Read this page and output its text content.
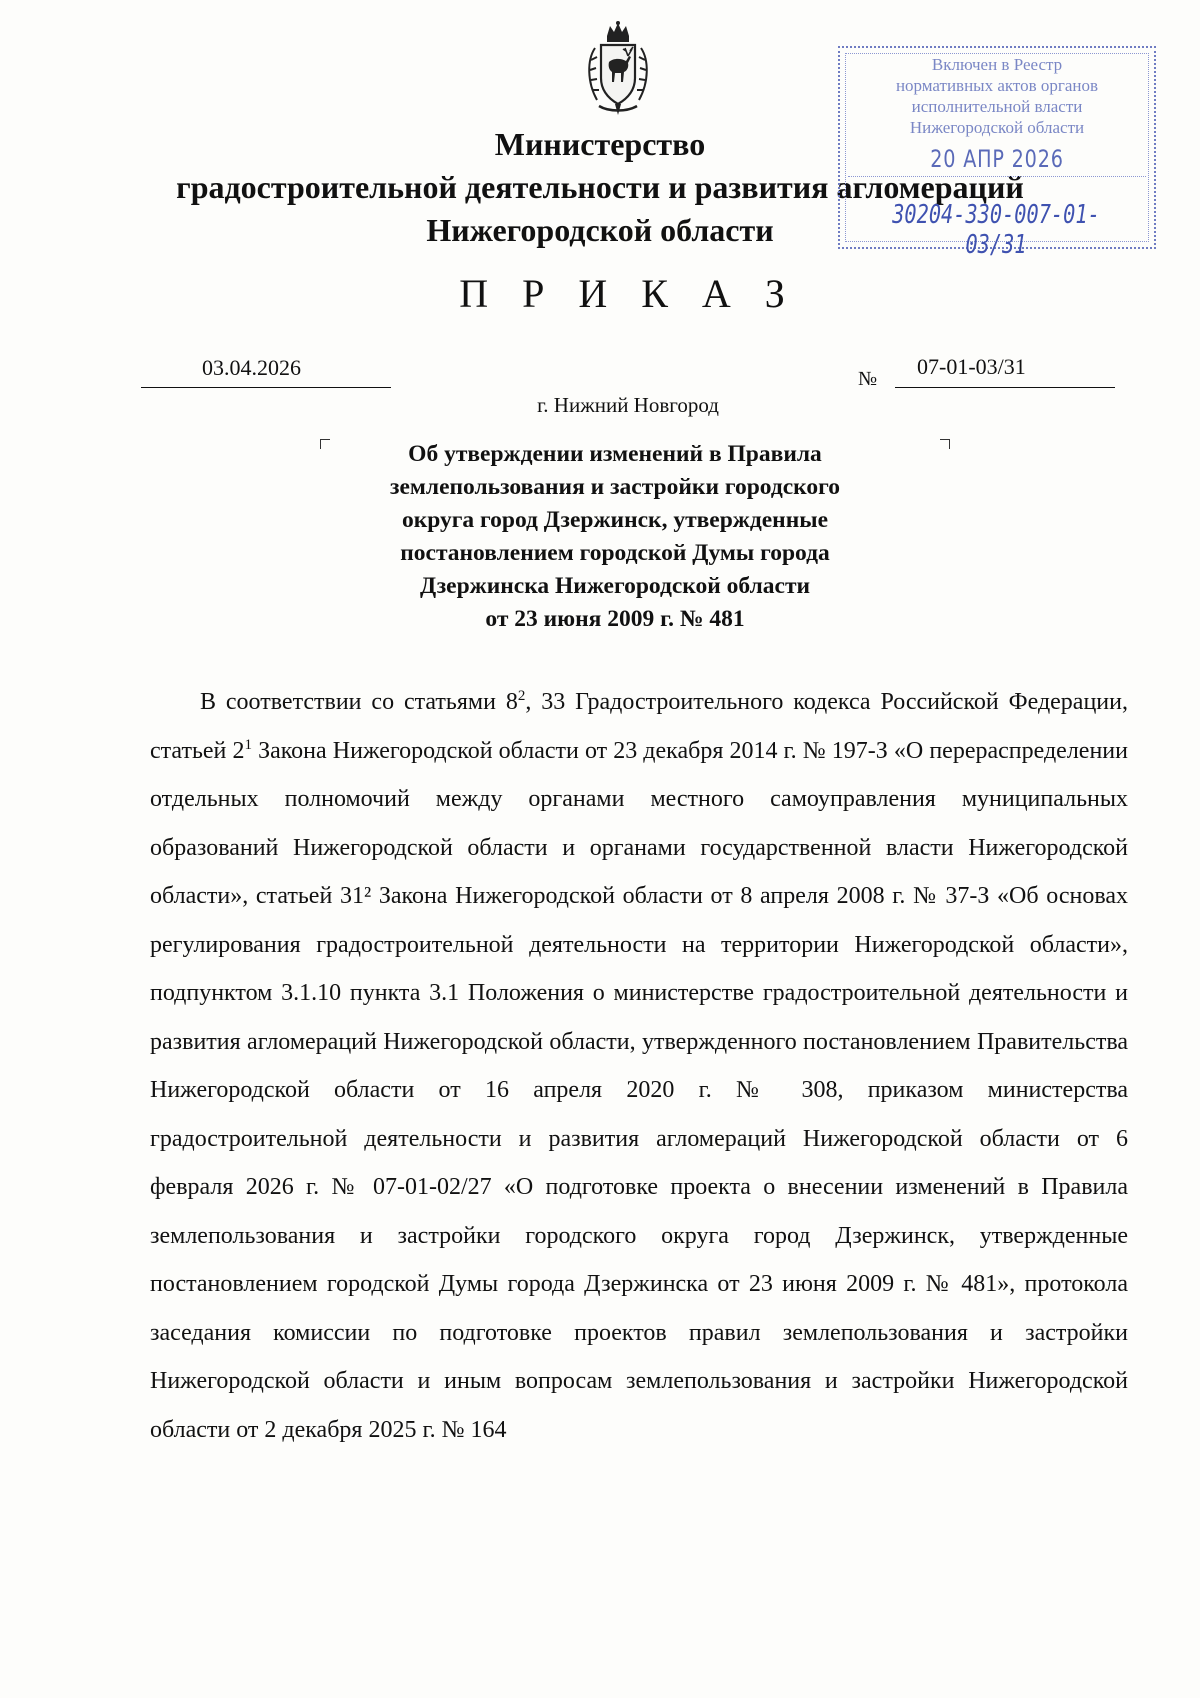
Министерство
градостроительной деятельности и развития агломераций
Нижегородской области
П Р И К А З
03.04.2026	№ 07-01-03/31
г. Нижний Новгород
Об утверждении изменений в Правила
землепользования и застройки городского
округа город Дзержинск, утвержденные
постановлением городской Думы города
Дзержинска Нижегородской области
от 23 июня 2009 г. № 481

В соответствии со статьями $8^2$, 33 Градостроительного кодекса Российской Федерации, статьей $2^1$ Закона Нижегородской области от 23 декабря 2014 г. № 197-З «О перераспределении отдельных полномочий между органами местного самоуправления муниципальных образований Нижегородской области и органами государственной власти Нижегородской области», статьей 31² Закона Нижегородской области от 8 апреля 2008 г. № 37-З «Об основах регулирования градостроительной деятельности на территории Нижегородской области», подпунктом 3.1.10 пункта 3.1 Положения о министерстве градостроительной деятельности и развития агломераций Нижегородской области, утвержденного постановлением Правительства Нижегородской области от 16 апреля 2020 г. № 308, приказом министерства градостроительной деятельности и развития агломераций Нижегородской области от 6 февраля 2026 г. № 07-01-02/27 «О подготовке проекта о внесении изменений в Правила землепользования и застройки городского округа город Дзержинск, утвержденные постановлением городской Думы города Дзержинска от 23 июня 2009 г. № 481», протокола заседания комиссии по подготовке проектов правил землепользования и застройки Нижегородской области и иным вопросам землепользования и застройки Нижегородской области от 2 декабря 2025 г. № 164

Включен в Реестр
нормативных актов органов
исполнительной власти
Нижегородской области
20 АПР 2026
30204-330-007-01-03/31
